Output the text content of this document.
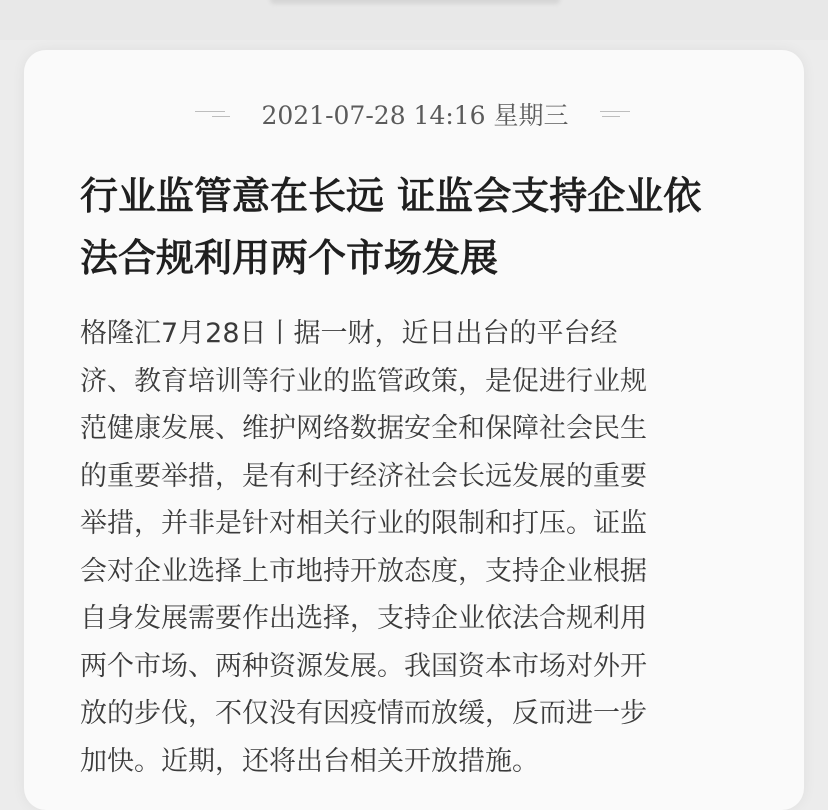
2021-07-28 14:16 星期三
行业监管意在长远 证监会支持企业依
法合规利用两个市场发展
格隆汇7月28日丨据一财，近日出台的平台经
济、教育培训等行业的监管政策，是促进行业规
范健康发展、维护网络数据安全和保障社会民生
的重要举措，是有利于经济社会长远发展的重要
举措，并非是针对相关行业的限制和打压。证监
会对企业选择上市地持开放态度，支持企业根据
自身发展需要作出选择，支持企业依法合规利用
两个市场、两种资源发展。我国资本市场对外开
放的步伐，不仅没有因疫情而放缓，反而进一步
加快。近期，还将出台相关开放措施。
